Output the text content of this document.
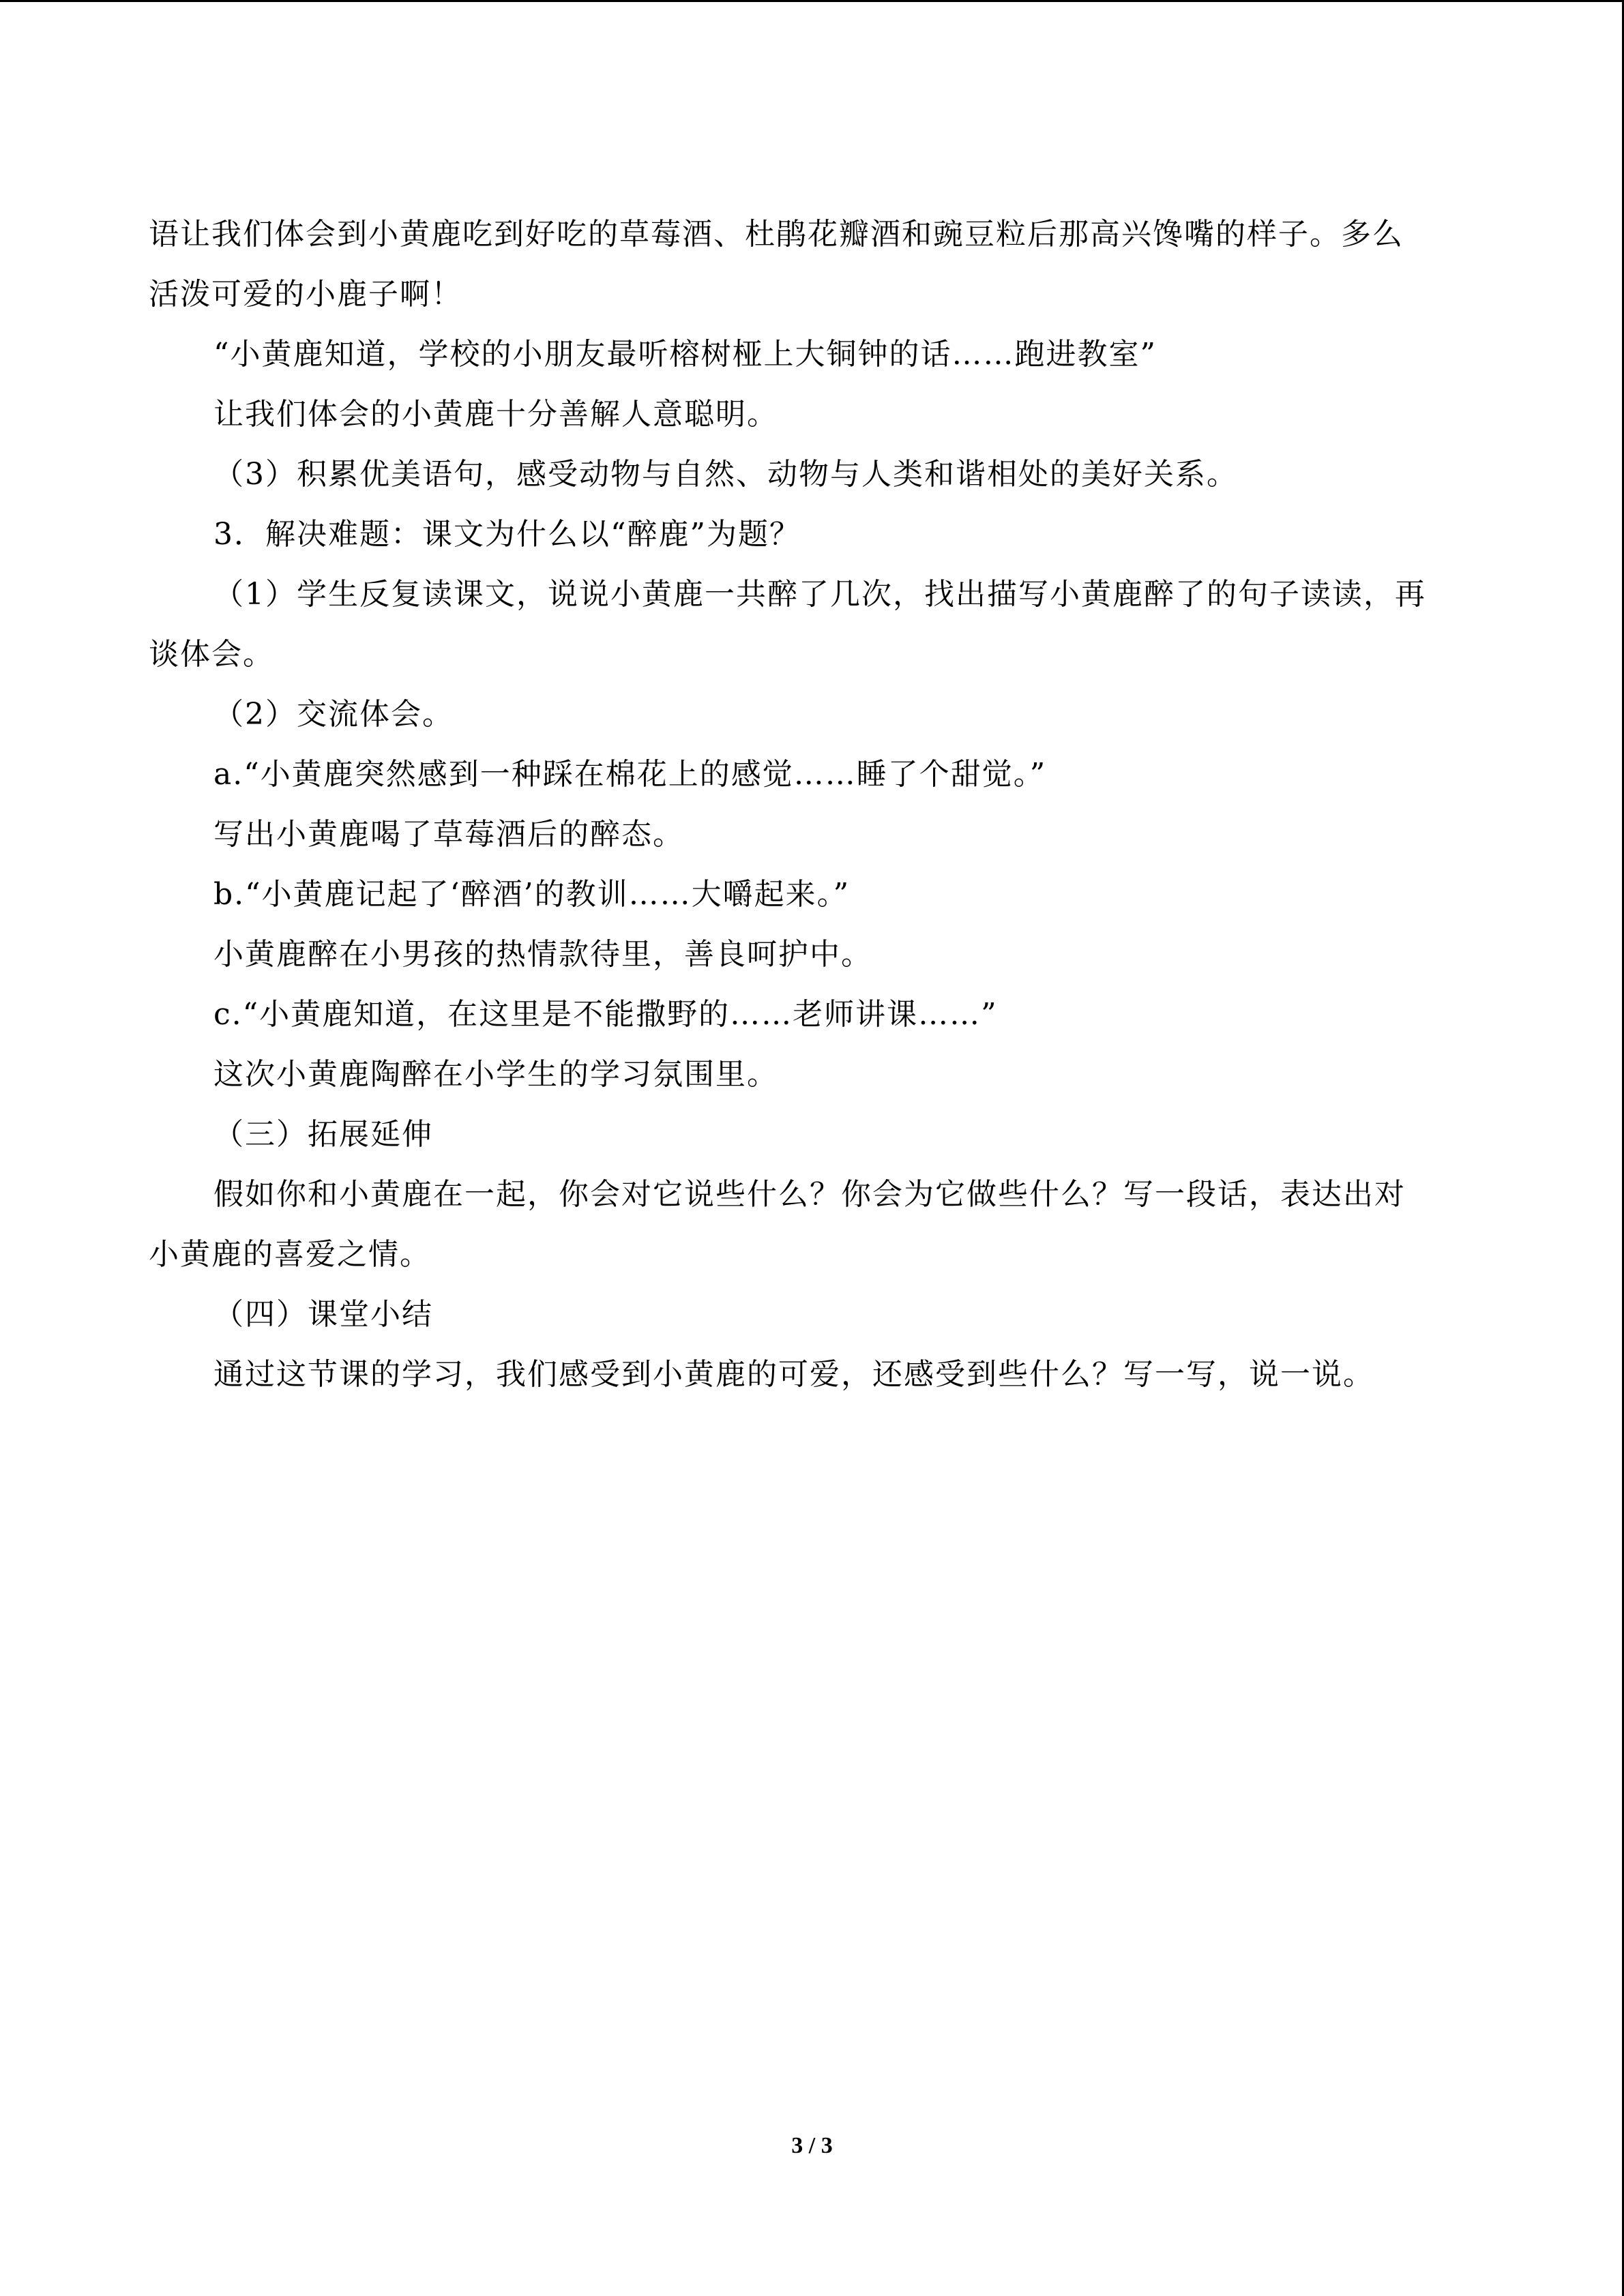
语让我们体会到小黄鹿吃到好吃的草莓酒、杜鹃花瓣酒和豌豆粒后那高兴馋嘴的样子。多么
活泼可爱的小鹿子啊！
“小黄鹿知道，学校的小朋友最听榕树桠上大铜钟的话……跑进教室”
让我们体会的小黄鹿十分善解人意聪明。
（3）积累优美语句，感受动物与自然、动物与人类和谐相处的美好关系。
3．解决难题：课文为什么以“醉鹿”为题？
（1）学生反复读课文，说说小黄鹿一共醉了几次，找出描写小黄鹿醉了的句子读读，再
谈体会。
（2）交流体会。
a.“小黄鹿突然感到一种踩在棉花上的感觉……睡了个甜觉。”
写出小黄鹿喝了草莓酒后的醉态。
b.“小黄鹿记起了‘醉酒’的教训……大嚼起来。”
小黄鹿醉在小男孩的热情款待里，善良呵护中。
c.“小黄鹿知道，在这里是不能撒野的……老师讲课……”
这次小黄鹿陶醉在小学生的学习氛围里。
（三）拓展延伸
假如你和小黄鹿在一起，你会对它说些什么？你会为它做些什么？写一段话，表达出对
小黄鹿的喜爱之情。
（四）课堂小结
通过这节课的学习，我们感受到小黄鹿的可爱，还感受到些什么？写一写，说一说。
3 / 3
